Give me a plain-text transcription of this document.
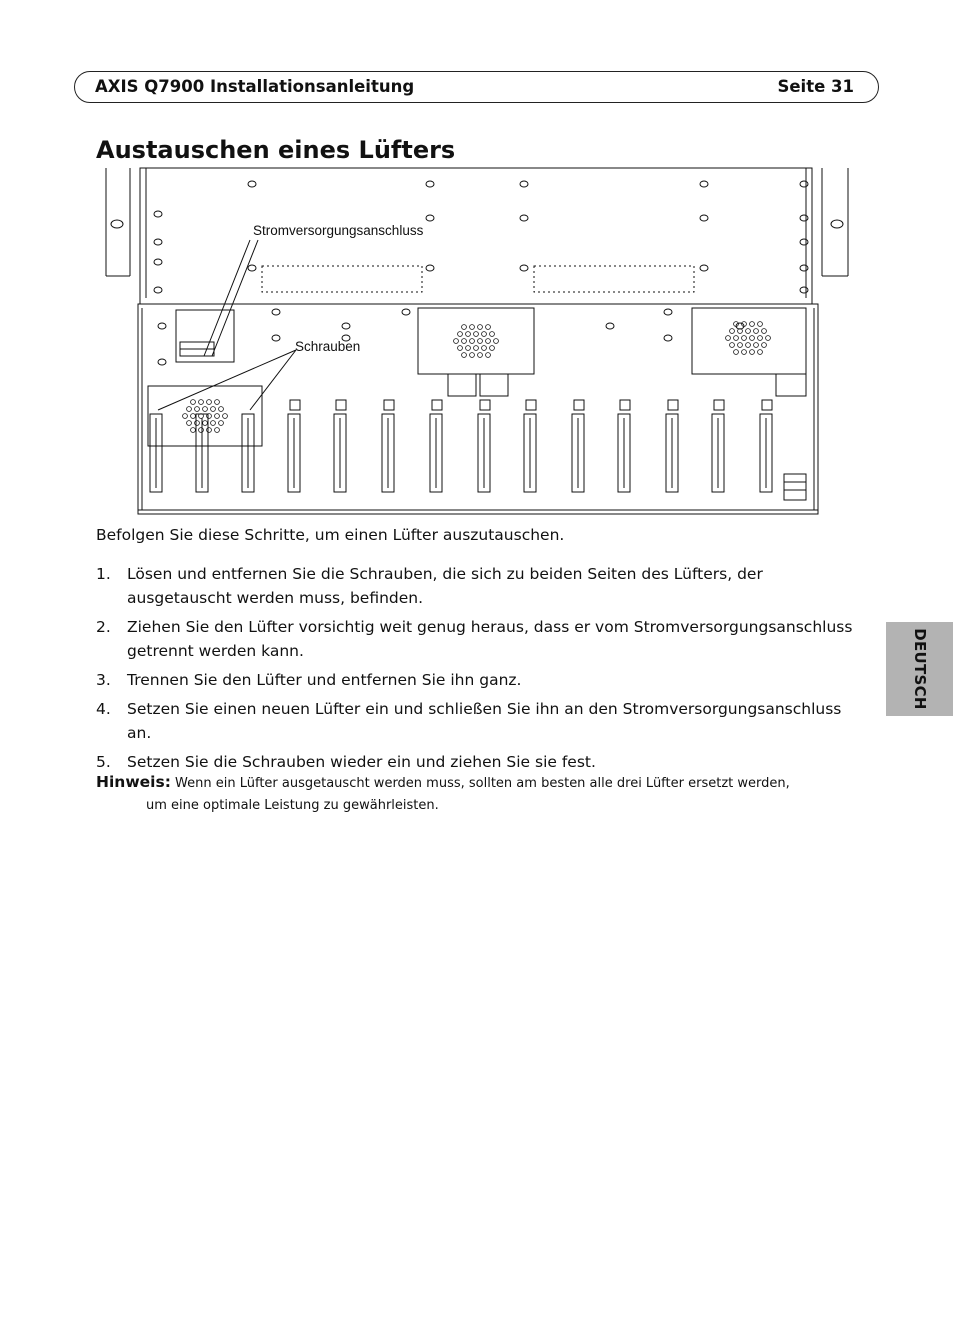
AXIS Q7900 Installationsanleitung	Seite 31
Austauschen eines Lüfters
Stromversorgungsanschluss
Schrauben
Befolgen Sie diese Schritte, um einen Lüfter auszutauschen.
1.	Lösen und entfernen Sie die Schrauben, die sich zu beiden Seiten des Lüfters, der ausgetauscht werden muss, befinden.
2.	Ziehen Sie den Lüfter vorsichtig weit genug heraus, dass er vom Stromversorgungsanschluss getrennt werden kann.
3.	Trennen Sie den Lüfter und entfernen Sie ihn ganz.
4.	Setzen Sie einen neuen Lüfter ein und schließen Sie ihn an den Stromversorgungsanschluss an.
5.	Setzen Sie die Schrauben wieder ein und ziehen Sie sie fest.
Hinweis: Wenn ein Lüfter ausgetauscht werden muss, sollten am besten alle drei Lüfter ersetzt werden,
um eine optimale Leistung zu gewährleisten.
DEUTSCH
